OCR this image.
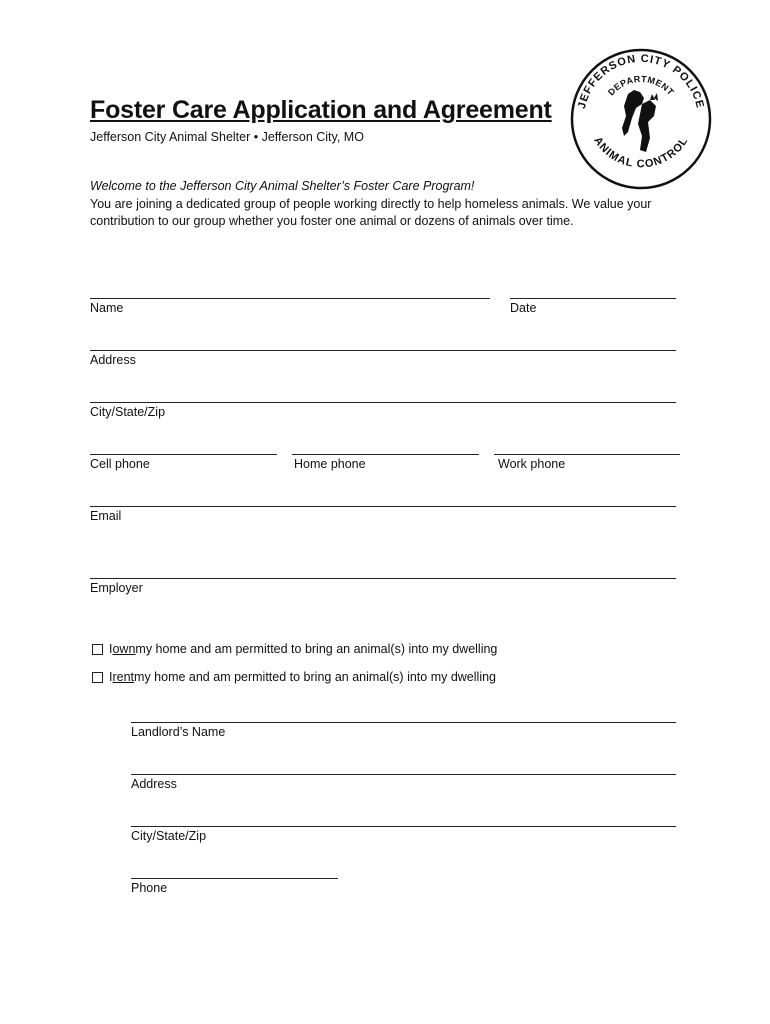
Foster Care Application and Agreement
Jefferson City Animal Shelter • Jefferson City, MO
JEFFERSON CITY POLICE
DEPARTMENT
ANIMAL CONTROL
Welcome to the Jefferson City Animal Shelter’s Foster Care Program!
You are joining a dedicated group of people working directly to help homeless animals. We value your contribution to our group whether you foster one animal or dozens of animals over time.
Name	Date
Address
City/State/Zip
Cell phone	Home phone	Work phone
Email
Employer
I own my home and am permitted to bring an animal(s) into my dwelling
I rent my home and am permitted to bring an animal(s) into my dwelling
Landlord’s Name
Address
City/State/Zip
Phone
